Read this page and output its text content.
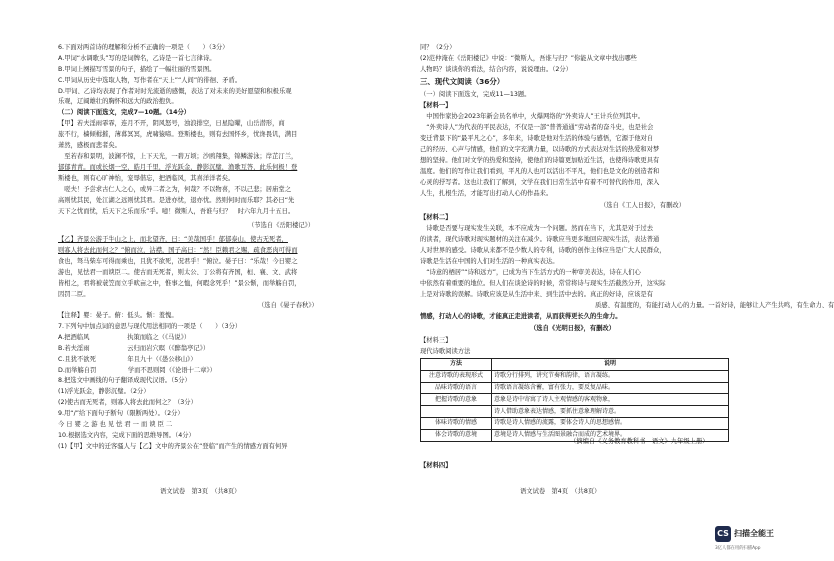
6.下面对两首诗的理解和分析不正确的一项是（　　）（3分）
A.甲词“水调歌头”写的是词牌名，乙诗是一首七言律诗。
B.甲词上阕描写雪景的句子，描绘了一幅壮丽的雪景图。
C.甲词从历史中选取人物，写作者在“天上”“人间”的徘徊、矛盾。
D.甲词、乙诗均表现了作者对时光流逝的感慨，表达了对未来的美好愿望和积极乐观
乐观，辽阔雄壮的胸怀和远大的政治抱负。
（二）阅读下面选文，完成7—10题。（14分）
【甲】若夫淫雨霏霏，连月不开，阴风怒号，浊浪排空，日星隐曜，山岳潜形，商
旅不行，樯倾楫摧，薄暮冥冥，虎啸猿啼。登斯楼也，则有去国怀乡，忧谗畏讥，满目
萧然，感极而悲者矣。
　至若春和景明，波澜不惊，上下天光，一碧万顷；沙鸥翔集，锦鳞游泳；岸芷汀兰，
郁郁青青。而或长烟一空，皓月千里，浮光跃金，静影沉璧，渔歌互答，此乐何极！登
斯楼也，则有心旷神怡，宠辱偕忘，把酒临风，其喜洋洋者矣。
　嗟夫！予尝求古仁人之心，或异二者之为，何哉？不以物喜，不以己悲；居庙堂之
高则忧其民，处江湖之远则忧其君。是进亦忧，退亦忧。然则何时而乐耶？其必曰“先
天下之忧而忧，后天下之乐而乐”乎。噫！微斯人，吾谁与归？　时六年九月十五日。
（节选自《岳阳楼记》）
【乙】齐景公游于牛山之上，而北望齐，曰：“美哉国乎！郁郁泰山，使古无死者，
则寡人将去此而何之？”俯而泣，沾襟，国子高曰：“然！臣赖君之赐，疏食恶肉可得而
食也，驽马柴车可得而乘也，且犹不欲死，况君乎！”俯泣。晏子曰：“乐哉！今日婴之
游也，见怯君一而谀臣二。使古而无死者，则太公、丁公将有齐国，桓、襄、文、武将
皆相之，君将被蓑笠而立乎畎亩之中，惟事之恤，何暇念死乎！”景公惭，而举觞自罚，
因罚二臣。
（选自《晏子春秋》）
【注释】婴：晏子。俯：低头。惭：羞愧。
7.下列句中加点词的意思与现代用法相同的一项是（　　）（3分）
A.把酒临风　　　　　　执策而临之（《马说》）
B.若夫淫雨　　　　　　云归而岩穴暝（《醉翁亭记》）
C.且犹不欲死　　　　　年且九十（《愚公移山》）
D.而举觞自罚　　　　　学而不思则罔（《论语十二章》）
8.把选文中画线的句子翻译成现代汉语。（5分）
(1)浮光跃金，静影沉璧。（2分）
(2)使古而无死者，则寡人将去此而何之？（3分）
9.用“/”给下面句子断句（限断两处）。（2分）
今 日 婴 之 游 也 见 怯 君 一 而 谀 臣 二
10.根据选文内容，完成下面的思维导图。（4分）
(1)【甲】文中的迁客骚人与【乙】文中的齐景公在“登临”而产生的情感方面有何异
同？（2分）
(2)范仲淹在《岳阳楼记》中说：“微斯人，吾谁与归？”你能从文章中找出哪些
人物吗？谈谈你的看法，结合内容，说说理由。（2分）
三、现代文阅读（36分）
（一）阅读下面选文，完成11—13题。
【材料一】
　中国作家协会2023年新会员名单中，火爆网络的“外卖诗人”王计兵位列其中。
　“外卖诗人”为代表的平民表达，不仅是一部“普普通通”劳动者的奋斗史，也是社会
变迁背景下的“最平凡之心”，多年来，诗歌是他对生活的体验与感悟，它源于他对自
己的经历、心声与情感，他们的文字充满力量，以诗歌的方式表达对生活的热爱和对梦
想的坚持。他们对文学的热爱和坚持，使他们的诗篇更加贴近生活，也使得诗歌更具有
温度。他们的写作让我们看到，平凡的人也可以活出不平凡，他们也是文化的创造者和
心灵的抒写者。这也让我们了解到，文学在我们日常生活中有着不可替代的作用，深入
人生，扎根生活，才能写出打动人心的作品来。
（选自《工人日报》，有删改）
【材料二】
　诗歌是否要与现实发生关联，本不应成为一个问题。然而在当下，尤其是对于过去
的读者，现代诗歌对现实题材的关注在减少。诗歌应当更多地回应现实生活，表达普通
人对世界的感受。诗歌从来都不是少数人的专利，诗歌的创作主体应当是广大人民群众，
诗歌是生活在中国的人们对生活的一种真实表达。
　“诗意的栖居”“诗和远方”，已成为当下生活方式的一种审美表达，诗在人们心
中依然有着重要的地位。但人们在谈论诗的时候，常常将诗与现实生活截然分开，这实际
上是对诗歌的误解。诗歌应该是从生活中来、到生活中去的。真正的好诗，应该是有
质感、有温度的，有能打动人心的力量。一首好诗，能够让人产生共鸣，有生命力、有
情感，打动人心的诗歌，才能真正走进读者，从而获得更长久的生命力。
（选自《光明日报》，有删改）
【材料三】
现代诗歌阅读方法
方法	说明
注意诗歌的表现形式	诗歌分行排列，讲究节奏和韵律，语言凝练。
品味诗歌的语言	诗歌语言凝练含蓄，富有张力，要反复品味。
把握诗歌的意象	意象是诗中寄寓了诗人主观情感的客观物象，
	诗人借助意象表达情感，要抓住意象理解诗意。
体味诗歌的情感	诗歌是诗人情感的流露，要体会诗人的思想感情。
体会诗歌的意境	意境是诗人情感与生活图景融合而成的艺术境界。
（摘编自《义务教育教科书　语文》九年级上册）
【材料四】
语文试卷　第3页　（共8页）	语文试卷　第4页　（共8页）
CS 扫描全能王
3亿人都在用的扫描App
